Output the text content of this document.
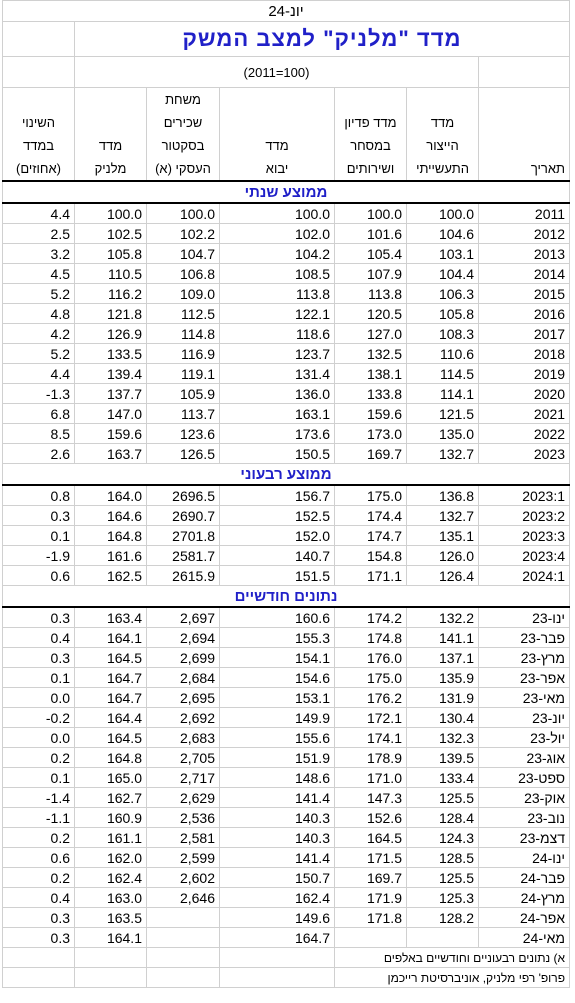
יונ-24						
	מדד "מלניק" למצב המשק					
	(2011=100)					
		משחת				
השינוי		שכירים		מדד פדיון	מדד	
במדד	מדד	בסקטור	מדד	במסחר	הייצור	
(אחוזים)	מלניק	העסקי (א)	יבוא	ושירותים	התעשייתי	תאריך
ממוצע שנתי						
4.4	100.0	100.0	100.0	100.0	100.0	2011
2.5	102.5	102.2	102.0	101.6	104.6	2012
3.2	105.8	104.7	104.2	105.4	103.1	2013
4.5	110.5	106.8	108.5	107.9	104.4	2014
5.2	116.2	109.0	113.8	113.8	106.3	2015
4.8	121.8	112.5	122.1	120.5	105.8	2016
4.2	126.9	114.8	118.6	127.0	108.3	2017
5.2	133.5	116.9	123.7	132.5	110.6	2018
4.4	139.4	119.1	131.4	138.1	114.5	2019
-1.3	137.7	105.9	136.0	133.8	114.1	2020
6.8	147.0	113.7	163.1	159.6	121.5	2021
8.5	159.6	123.6	173.6	173.0	135.0	2022
2.6	163.7	126.5	150.5	169.7	132.7	2023
ממוצע רבעוני						
0.8	164.0	2696.5	156.7	175.0	136.8	2023:1
0.3	164.6	2690.7	152.5	174.4	132.7	2023:2
0.1	164.8	2701.8	152.0	174.7	135.1	2023:3
-1.9	161.6	2581.7	140.7	154.8	126.0	2023:4
0.6	162.5	2615.9	151.5	171.1	126.4	2024:1
נתונים חודשיים						
0.3	163.4	2,697	160.6	174.2	132.2	ינו-23
0.4	164.1	2,694	155.3	174.8	141.1	פבר-23
0.3	164.5	2,699	154.1	176.0	137.1	מרץ-23
0.1	164.7	2,684	154.6	175.0	135.9	אפר-23
0.0	164.7	2,695	153.1	176.2	131.9	מאי-23
-0.2	164.4	2,692	149.9	172.1	130.4	יונ-23
0.0	164.5	2,683	155.6	174.1	132.3	יול-23
0.2	164.8	2,705	151.9	178.9	139.5	אוג-23
0.1	165.0	2,717	148.6	171.0	133.4	ספט-23
-1.4	162.7	2,629	141.4	147.3	125.5	אוק-23
-1.1	160.9	2,536	140.3	152.6	128.4	נוב-23
0.2	161.1	2,581	140.3	164.5	124.3	דצמ-23
0.6	162.0	2,599	141.4	171.5	128.5	ינו-24
0.2	162.4	2,602	150.7	169.7	125.5	פבר-24
0.4	163.0	2,646	162.4	171.9	125.3	מרץ-24
0.3	163.5		149.6	171.8	128.2	אפר-24
0.3	164.1		164.7			מאי-24
				א) נתונים רבעוניים וחודשיים באלפים		
				פרופ' רפי מלניק, אוניברסיטת רייכמן		
